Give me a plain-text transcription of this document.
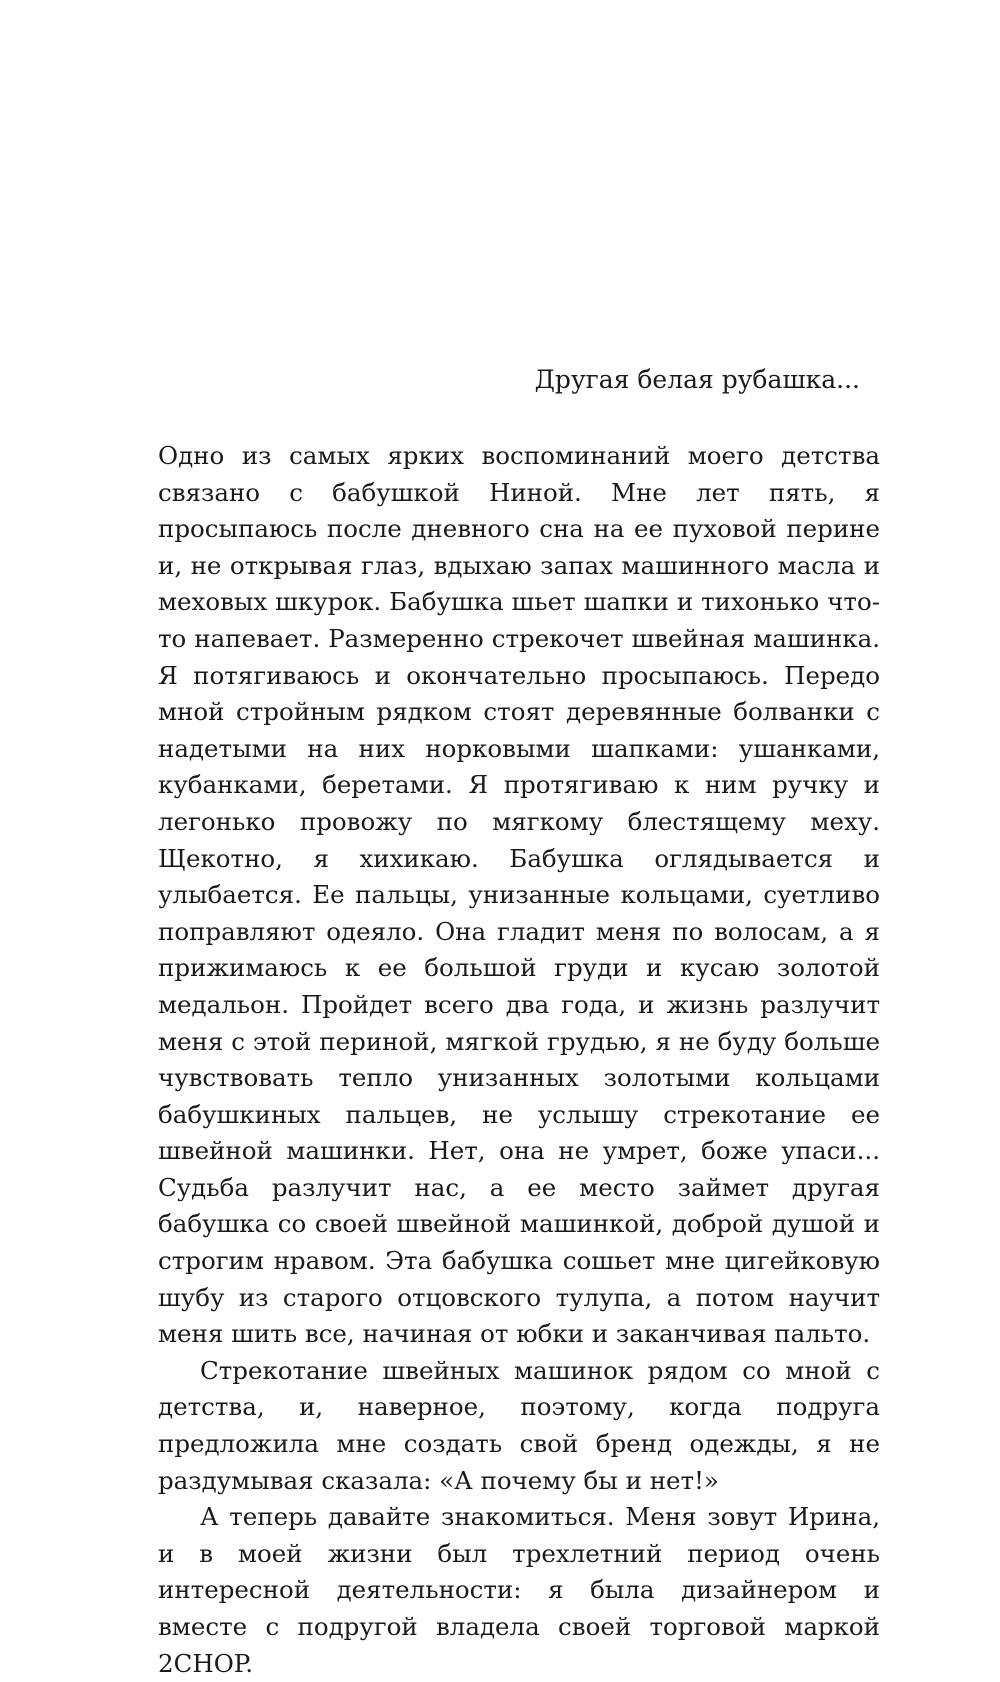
Другая белая рубашка...

Одно из самых ярких воспоминаний моего детства связано с бабушкой Ниной. Мне лет пять, я просыпаюсь после дневного сна на ее пуховой перине и, не открывая глаз, вдыхаю запах машинного масла и меховых шкурок. Бабушка шьет шапки и тихонько что-то напевает. Размеренно стрекочет швейная машинка. Я потягиваюсь и окончательно просыпаюсь. Передо мной стройным рядком стоят деревянные болванки с надетыми на них норковыми шапками: ушанками, кубанками, беретами. Я протягиваю к ним ручку и легонько провожу по мягкому блестящему меху. Щекотно, я хихикаю. Бабушка оглядывается и улыбается. Ее пальцы, унизанные кольцами, суетливо поправляют одеяло. Она гладит меня по волосам, а я прижимаюсь к ее большой груди и кусаю золотой медальон. Пройдет всего два года, и жизнь разлучит меня с этой периной, мягкой грудью, я не буду больше чувствовать тепло унизанных золотыми кольцами бабушкиных пальцев, не услышу стрекотание ее швейной машинки. Нет, она не умрет, боже упаси... Судьба разлучит нас, а ее место займет другая бабушка со своей швейной машинкой, доброй душой и строгим нравом. Эта бабушка сошьет мне цигейковую шубу из старого отцовского тулупа, а потом научит меня шить все, начиная от юбки и заканчивая пальто.

Стрекотание швейных машинок рядом со мной с детства, и, наверное, поэтому, когда подруга предложила мне создать свой бренд одежды, я не раздумывая сказала: «А почему бы и нет!»

А теперь давайте знакомиться. Меня зовут Ирина, и в моей жизни был трехлетний период очень интересной деятельности: я была дизайнером и вместе с подругой владела своей торговой маркой 2CHOP.
